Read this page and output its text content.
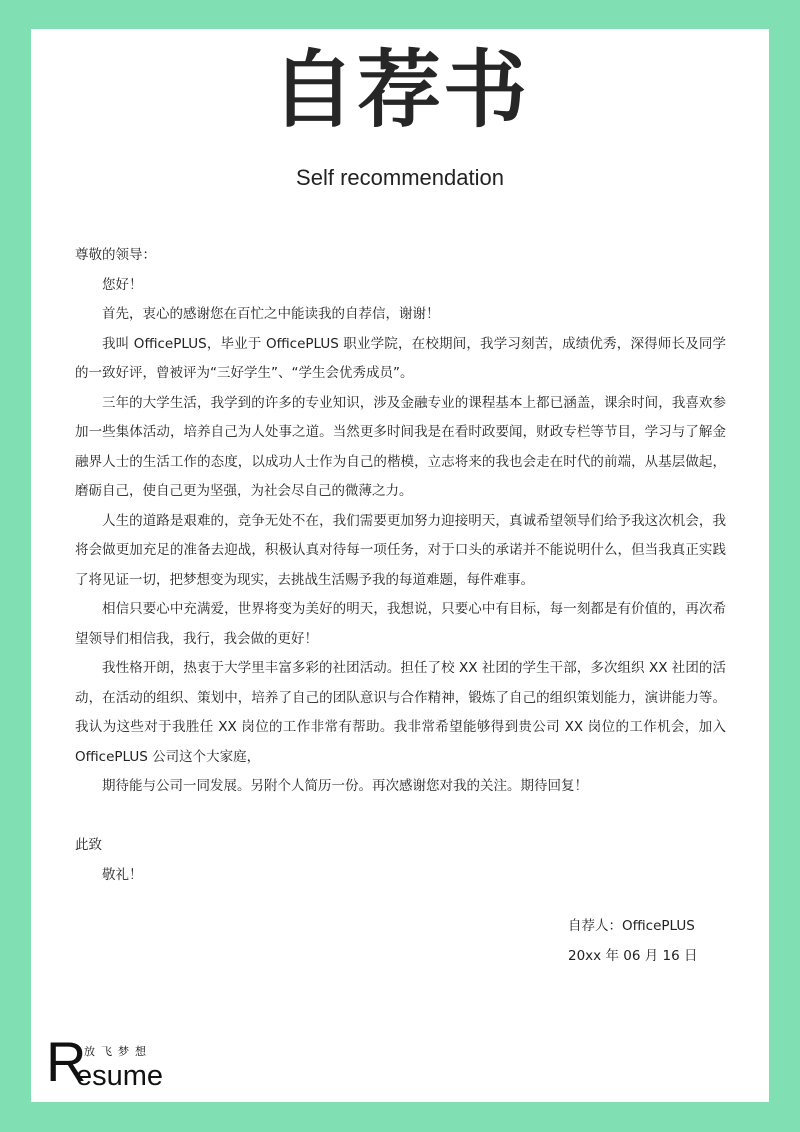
自荐书
Self recommendation

尊敬的领导：

您好！

首先，衷心的感谢您在百忙之中能读我的自荐信，谢谢！

我叫 OfficePLUS，毕业于 OfficePLUS 职业学院，在校期间，我学习刻苦，成绩优秀，深得师长及同学的一致好评，曾被评为“三好学生”、“学生会优秀成员”。

三年的大学生活，我学到的许多的专业知识，涉及金融专业的课程基本上都已涵盖，课余时间，我喜欢参加一些集体活动，培养自己为人处事之道。当然更多时间我是在看时政要闻，财政专栏等节目，学习与了解金融界人士的生活工作的态度，以成功人士作为自己的楷模，立志将来的我也会走在时代的前端，从基层做起，磨砺自己，使自己更为坚强，为社会尽自己的微薄之力。

人生的道路是艰难的，竞争无处不在，我们需要更加努力迎接明天，真诚希望领导们给予我这次机会，我将会做更加充足的准备去迎战，积极认真对待每一项任务，对于口头的承诺并不能说明什么，但当我真正实践了将见证一切，把梦想变为现实，去挑战生活赐予我的每道难题，每件难事。

相信只要心中充满爱，世界将变为美好的明天，我想说，只要心中有目标，每一刻都是有价值的，再次希望领导们相信我，我行，我会做的更好！

我性格开朗，热衷于大学里丰富多彩的社团活动。担任了校 XX 社团的学生干部，多次组织 XX 社团的活动，在活动的组织、策划中，培养了自己的团队意识与合作精神，锻炼了自己的组织策划能力，演讲能力等。我认为这些对于我胜任 XX 岗位的工作非常有帮助。我非常希望能够得到贵公司 XX 岗位的工作机会，加入 OfficePLUS 公司这个大家庭，

期待能与公司一同发展。另附个人简历一份。再次感谢您对我的关注。期待回复！

此致

敬礼！

自荐人：OfficePLUS
20xx 年 06 月 16 日
R
放飞梦想
esume
